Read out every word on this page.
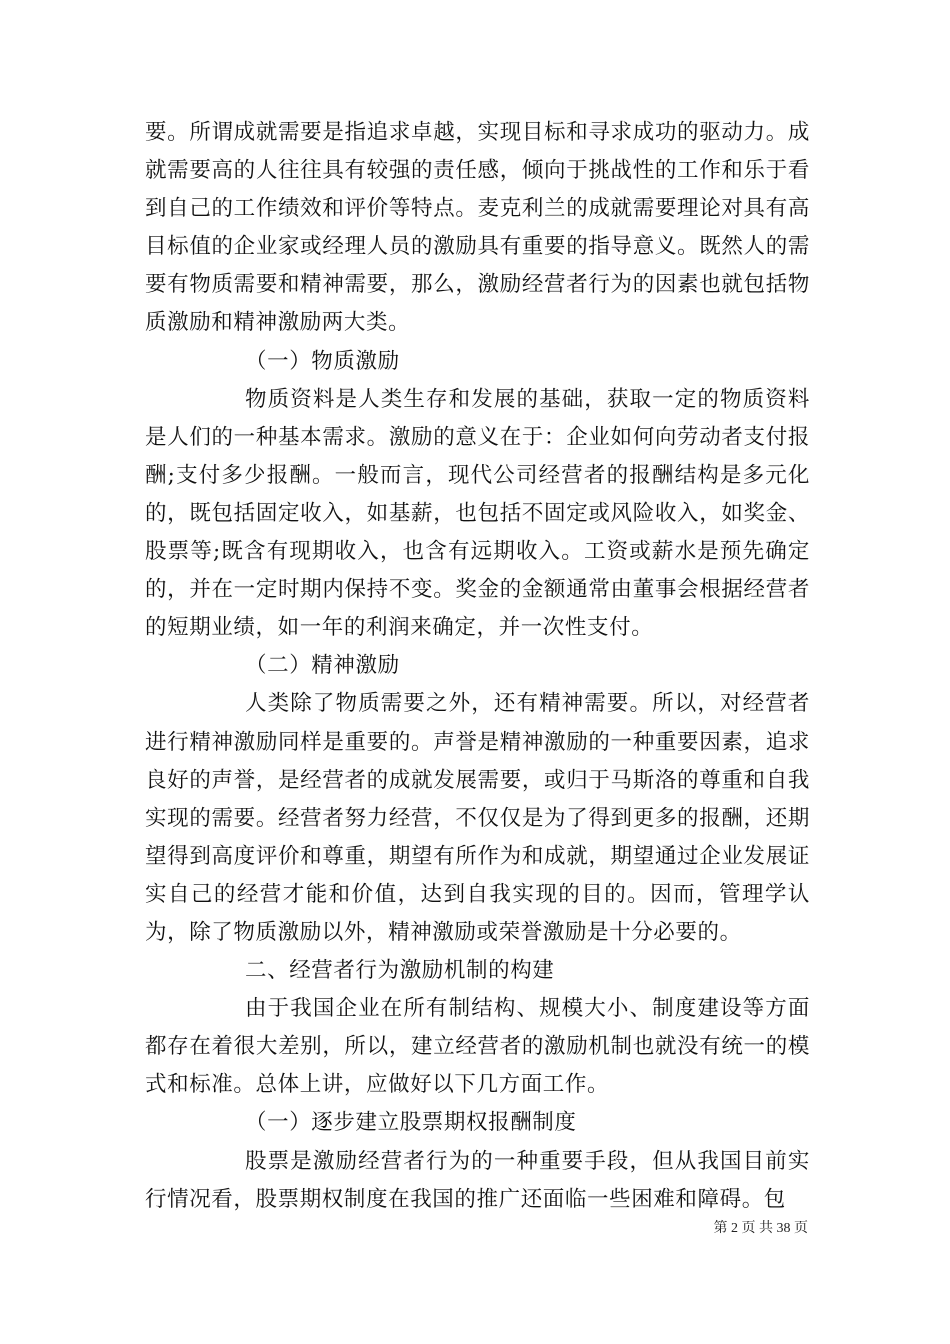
要。所谓成就需要是指追求卓越，实现目标和寻求成功的驱动力。成就需要高的人往往具有较强的责任感，倾向于挑战性的工作和乐于看到自己的工作绩效和评价等特点。麦克利兰的成就需要理论对具有高目标值的企业家或经理人员的激励具有重要的指导意义。既然人的需要有物质需要和精神需要，那么，激励经营者行为的因素也就包括物质激励和精神激励两大类。

（一）物质激励

物质资料是人类生存和发展的基础，获取一定的物质资料是人们的一种基本需求。激励的意义在于：企业如何向劳动者支付报酬;支付多少报酬。一般而言，现代公司经营者的报酬结构是多元化的，既包括固定收入，如基薪，也包括不固定或风险收入，如奖金、股票等;既含有现期收入，也含有远期收入。工资或薪水是预先确定的，并在一定时期内保持不变。奖金的金额通常由董事会根据经营者的短期业绩，如一年的利润来确定，并一次性支付。

（二）精神激励

人类除了物质需要之外，还有精神需要。所以，对经营者进行精神激励同样是重要的。声誉是精神激励的一种重要因素，追求良好的声誉，是经营者的成就发展需要，或归于马斯洛的尊重和自我实现的需要。经营者努力经营，不仅仅是为了得到更多的报酬，还期望得到高度评价和尊重，期望有所作为和成就，期望通过企业发展证实自己的经营才能和价值，达到自我实现的目的。因而，管理学认为，除了物质激励以外，精神激励或荣誉激励是十分必要的。

二、经营者行为激励机制的构建

由于我国企业在所有制结构、规模大小、制度建设等方面都存在着很大差别，所以，建立经营者的激励机制也就没有统一的模式和标准。总体上讲，应做好以下几方面工作。

（一）逐步建立股票期权报酬制度

股票是激励经营者行为的一种重要手段，但从我国目前实行情况看，股票期权制度在我国的推广还面临一些困难和障碍。包

第 2 页 共 38 页
